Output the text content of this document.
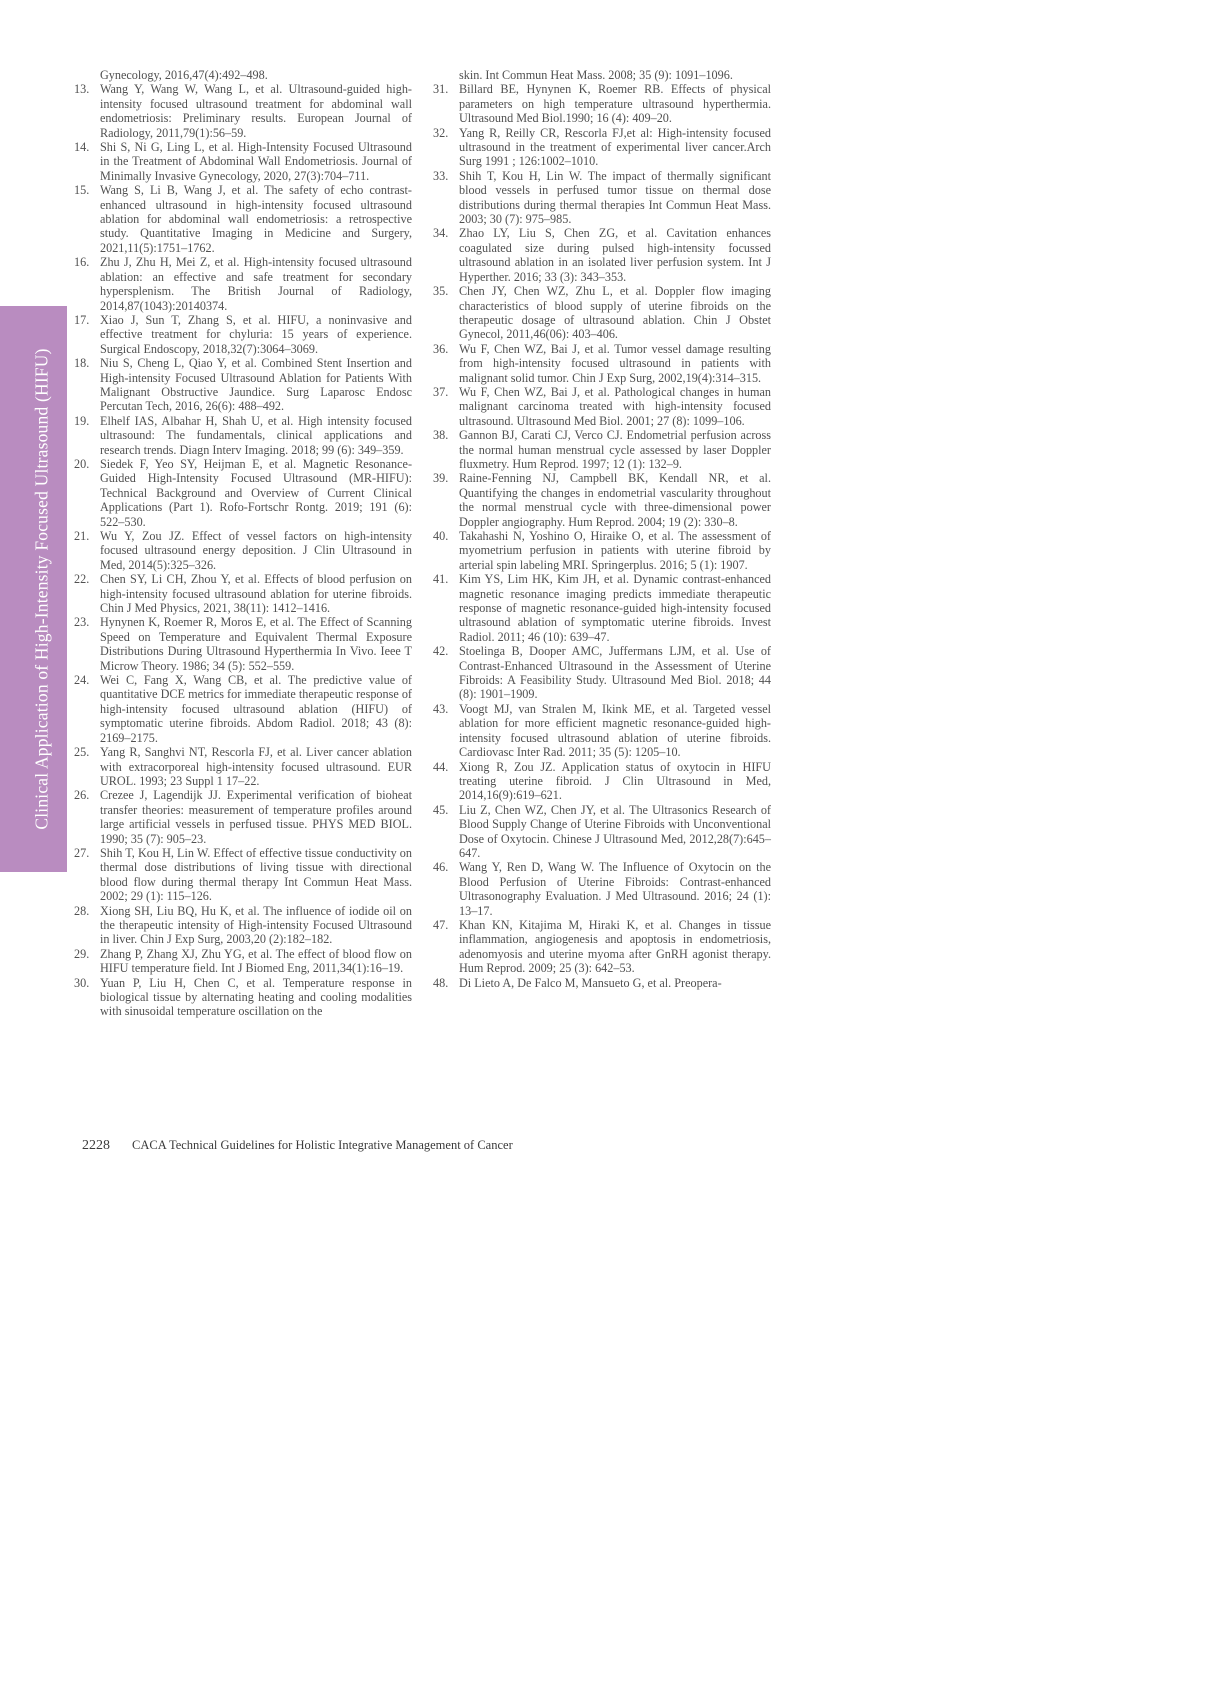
Clinical Application of High-Intensity Focused Ultrasound (HIFU)
Gynecology, 2016,47(4):492–498.
13. Wang Y, Wang W, Wang L, et al. Ultrasound-guided high-intensity focused ultrasound treatment for abdominal wall endometriosis: Preliminary results. European Journal of Radiology, 2011,79(1):56–59.
14. Shi S, Ni G, Ling L, et al. High-Intensity Focused Ultrasound in the Treatment of Abdominal Wall Endometriosis. Journal of Minimally Invasive Gynecology, 2020, 27(3):704–711.
15. Wang S, Li B, Wang J, et al. The safety of echo contrast-enhanced ultrasound in high-intensity focused ultrasound ablation for abdominal wall endometriosis: a retrospective study. Quantitative Imaging in Medicine and Surgery, 2021,11(5):1751–1762.
16. Zhu J, Zhu H, Mei Z, et al. High-intensity focused ultrasound ablation: an effective and safe treatment for secondary hypersplenism. The British Journal of Radiology, 2014,87(1043):20140374.
17. Xiao J, Sun T, Zhang S, et al. HIFU, a noninvasive and effective treatment for chyluria: 15 years of experience. Surgical Endoscopy, 2018,32(7):3064–3069.
18. Niu S, Cheng L, Qiao Y, et al. Combined Stent Insertion and High-intensity Focused Ultrasound Ablation for Patients With Malignant Obstructive Jaundice. Surg Laparosc Endosc Percutan Tech, 2016, 26(6): 488–492.
19. Elhelf IAS, Albahar H, Shah U, et al. High intensity focused ultrasound: The fundamentals, clinical applications and research trends. Diagn Interv Imaging. 2018; 99 (6): 349–359.
20. Siedek F, Yeo SY, Heijman E, et al. Magnetic Resonance-Guided High-Intensity Focused Ultrasound (MR-HIFU): Technical Background and Overview of Current Clinical Applications (Part 1). Rofo-Fortschr Rontg. 2019; 191 (6): 522–530.
21. Wu Y, Zou JZ. Effect of vessel factors on high-intensity focused ultrasound energy deposition. J Clin Ultrasound in Med, 2014(5):325–326.
22. Chen SY, Li CH, Zhou Y, et al. Effects of blood perfusion on high-intensity focused ultrasound ablation for uterine fibroids. Chin J Med Physics, 2021, 38(11): 1412–1416.
23. Hynynen K, Roemer R, Moros E, et al. The Effect of Scanning Speed on Temperature and Equivalent Thermal Exposure Distributions During Ultrasound Hyperthermia In Vivo. Ieee T Microw Theory. 1986; 34 (5): 552–559.
24. Wei C, Fang X, Wang CB, et al. The predictive value of quantitative DCE metrics for immediate therapeutic response of high-intensity focused ultrasound ablation (HIFU) of symptomatic uterine fibroids. Abdom Radiol. 2018; 43 (8): 2169–2175.
25. Yang R, Sanghvi NT, Rescorla FJ, et al. Liver cancer ablation with extracorporeal high-intensity focused ultrasound. EUR UROL. 1993; 23 Suppl 1 17–22.
26. Crezee J, Lagendijk JJ. Experimental verification of bioheat transfer theories: measurement of temperature profiles around large artificial vessels in perfused tissue. PHYS MED BIOL. 1990; 35 (7): 905–23.
27. Shih T, Kou H, Lin W. Effect of effective tissue conductivity on thermal dose distributions of living tissue with directional blood flow during thermal therapy Int Commun Heat Mass. 2002; 29 (1): 115–126.
28. Xiong SH, Liu BQ, Hu K, et al. The influence of iodide oil on the therapeutic intensity of High-intensity Focused Ultrasound in liver. Chin J Exp Surg, 2003,20 (2):182–182.
29. Zhang P, Zhang XJ, Zhu YG, et al. The effect of blood flow on HIFU temperature field. Int J Biomed Eng, 2011,34(1):16–19.
30. Yuan P, Liu H, Chen C, et al. Temperature response in biological tissue by alternating heating and cooling modalities with sinusoidal temperature oscillation on the
skin. Int Commun Heat Mass. 2008; 35 (9): 1091–1096.
31. Billard BE, Hynynen K, Roemer RB. Effects of physical parameters on high temperature ultrasound hyperthermia. Ultrasound Med Biol.1990; 16 (4): 409–20.
32. Yang R, Reilly CR, Rescorla FJ,et al: High-intensity focused ultrasound in the treatment of experimental liver cancer.Arch Surg 1991 ; 126:1002–1010.
33. Shih T, Kou H, Lin W. The impact of thermally significant blood vessels in perfused tumor tissue on thermal dose distributions during thermal therapies Int Commun Heat Mass. 2003; 30 (7): 975–985.
34. Zhao LY, Liu S, Chen ZG, et al. Cavitation enhances coagulated size during pulsed high-intensity focussed ultrasound ablation in an isolated liver perfusion system. Int J Hyperther. 2016; 33 (3): 343–353.
35. Chen JY, Chen WZ, Zhu L, et al. Doppler flow imaging characteristics of blood supply of uterine fibroids on the therapeutic dosage of ultrasound ablation. Chin J Obstet Gynecol, 2011,46(06): 403–406.
36. Wu F, Chen WZ, Bai J, et al. Tumor vessel damage resulting from high-intensity focused ultrasound in patients with malignant solid tumor. Chin J Exp Surg, 2002,19(4):314–315.
37. Wu F, Chen WZ, Bai J, et al. Pathological changes in human malignant carcinoma treated with high-intensity focused ultrasound. Ultrasound Med Biol. 2001; 27 (8): 1099–106.
38. Gannon BJ, Carati CJ, Verco CJ. Endometrial perfusion across the normal human menstrual cycle assessed by laser Doppler fluxmetry. Hum Reprod. 1997; 12 (1): 132–9.
39. Raine-Fenning NJ, Campbell BK, Kendall NR, et al. Quantifying the changes in endometrial vascularity throughout the normal menstrual cycle with three-dimensional power Doppler angiography. Hum Reprod. 2004; 19 (2): 330–8.
40. Takahashi N, Yoshino O, Hiraike O, et al. The assessment of myometrium perfusion in patients with uterine fibroid by arterial spin labeling MRI. Springerplus. 2016; 5 (1): 1907.
41. Kim YS, Lim HK, Kim JH, et al. Dynamic contrast-enhanced magnetic resonance imaging predicts immediate therapeutic response of magnetic resonance-guided high-intensity focused ultrasound ablation of symptomatic uterine fibroids. Invest Radiol. 2011; 46 (10): 639–47.
42. Stoelinga B, Dooper AMC, Juffermans LJM, et al. Use of Contrast-Enhanced Ultrasound in the Assessment of Uterine Fibroids: A Feasibility Study. Ultrasound Med Biol. 2018; 44 (8): 1901–1909.
43. Voogt MJ, van Stralen M, Ikink ME, et al. Targeted vessel ablation for more efficient magnetic resonance-guided high-intensity focused ultrasound ablation of uterine fibroids. Cardiovasc Inter Rad. 2011; 35 (5): 1205–10.
44. Xiong R, Zou JZ. Application status of oxytocin in HIFU treating uterine fibroid. J Clin Ultrasound in Med, 2014,16(9):619–621.
45. Liu Z, Chen WZ, Chen JY, et al. The Ultrasonics Research of Blood Supply Change of Uterine Fibroids with Unconventional Dose of Oxytocin. Chinese J Ultrasound Med, 2012,28(7):645–647.
46. Wang Y, Ren D, Wang W. The Influence of Oxytocin on the Blood Perfusion of Uterine Fibroids: Contrast-enhanced Ultrasonography Evaluation. J Med Ultrasound. 2016; 24 (1): 13–17.
47. Khan KN, Kitajima M, Hiraki K, et al. Changes in tissue inflammation, angiogenesis and apoptosis in endometriosis, adenomyosis and uterine myoma after GnRH agonist therapy. Hum Reprod. 2009; 25 (3): 642–53.
48. Di Lieto A, De Falco M, Mansueto G, et al. Preopera-
2228 CACA Technical Guidelines for Holistic Integrative Management of Cancer
